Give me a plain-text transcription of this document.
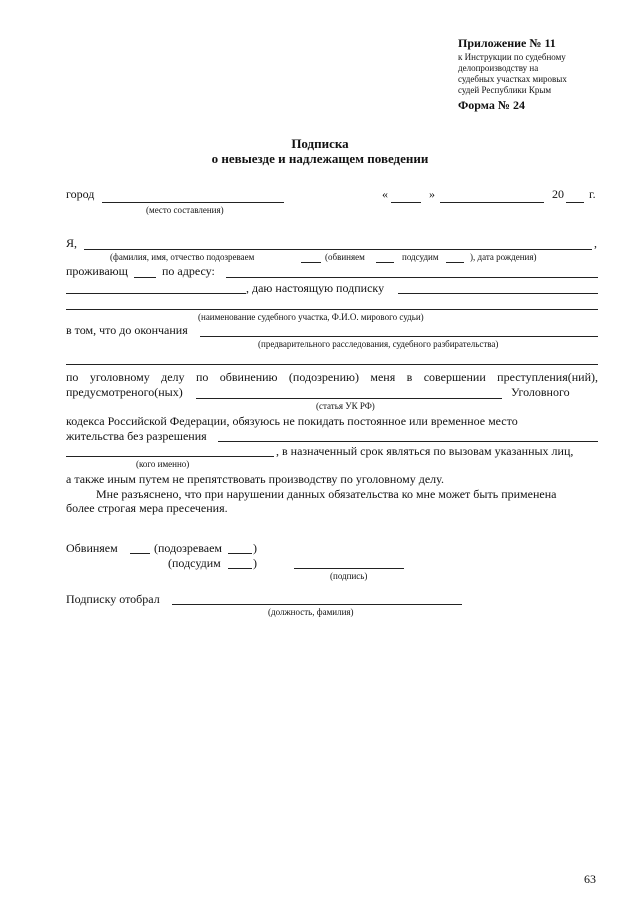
Приложение № 11
к Инструкции по судебному
делопроизводству на
судебных участках мировых
судей Республики Крым
Форма № 24
Подписка
о невыезде и надлежащем поведении
город
(место составления)
«	»	20 г.
Я,	,
(фамилия, имя, отчество подозреваем	(обвиняем	подсудим	), дата рождения)
проживающ	по адресу:
, даю настоящую подписку
(наименование судебного участка, Ф.И.О. мирового судьи)
в том, что до окончания
(предварительного расследования, судебного разбирательства)
по уголовному делу по обвинению (подозрению) меня в совершении преступления(ний),
предусмотреного(ных)	Уголовного
(статья УК РФ)
кодекса Российской Федерации, обязуюсь не покидать постоянное или временное место
жительства без разрешения
, в назначенный срок являться по вызовам указанных лиц,
(кого именно)
а также иным путем не препятствовать производству по уголовному делу.
Мне разъяснено, что при нарушении данных обязательства ко мне может быть применена
более строгая мера пресечения.
Обвиняем	(подозреваем	)
(подсудим	)
(подпись)
Подписку отобрал
(должность, фамилия)
63
